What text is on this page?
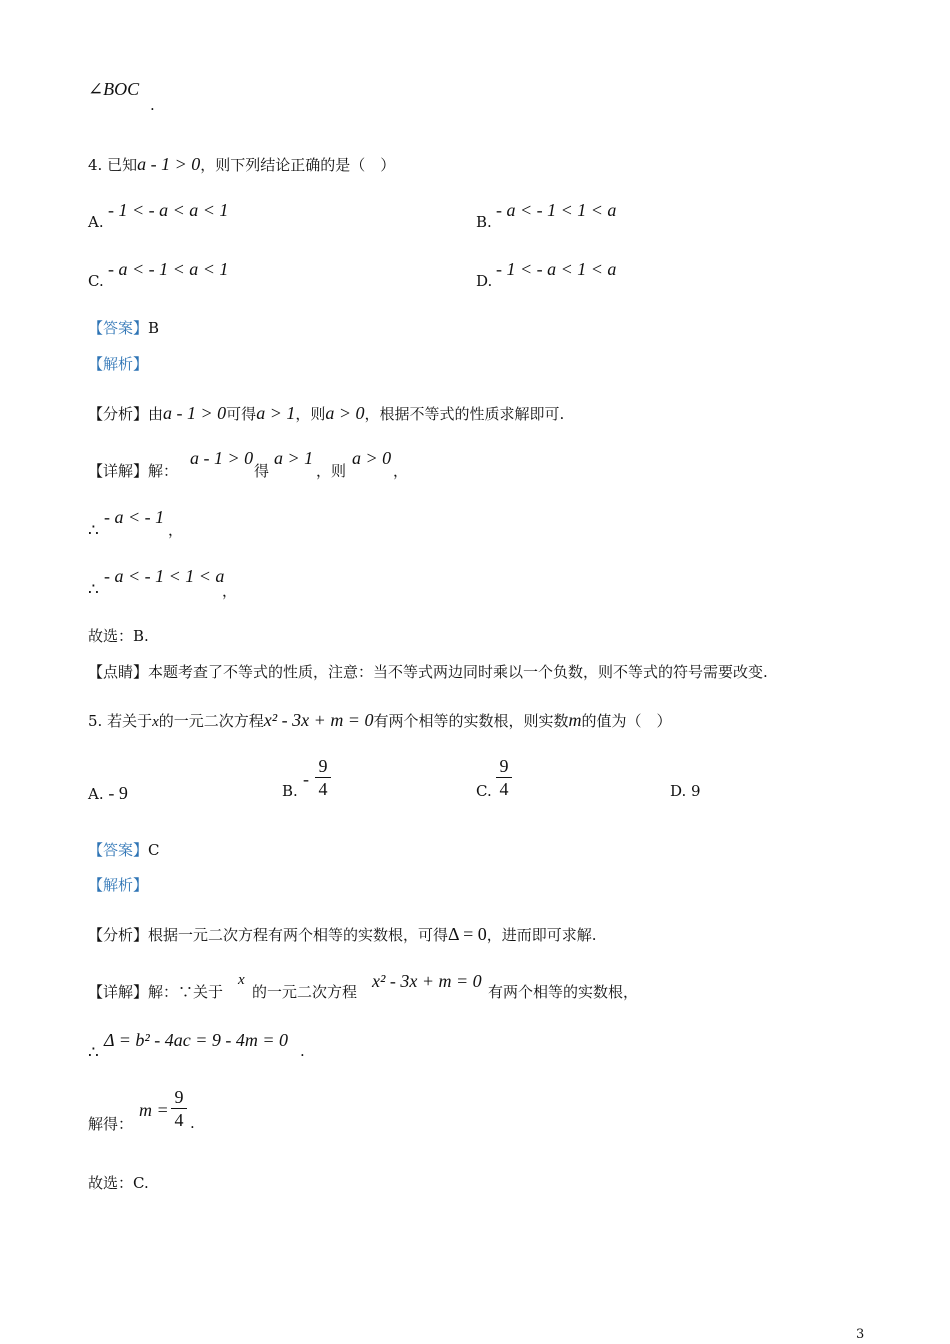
∠BOC
.
4. 已知a - 1 > 0，则下列结论正确的是（　）
A.
- 1 < - a < a < 1
B.
- a < - 1 < 1 < a
C.
- a < - 1 < a < 1
D.
- 1 < - a < 1 < a
【答案】B
【解析】
【分析】由a - 1 > 0可得a > 1，则a > 0，根据不等式的性质求解即可.
【详解】解：
a - 1 > 0
得
a > 1
，则
a > 0
，
∴
- a < - 1
，
∴
- a < - 1 < 1 < a
，
故选：B.
【点睛】本题考查了不等式的性质，注意：当不等式两边同时乘以一个负数，则不等式的符号需要改变.
5. 若关于x的一元二次方程x² - 3x + m = 0有两个相等的实数根，则实数m的值为（　）
A. - 9	B.
-
9
4	C.
9
4	D. 9
【答案】C
【解析】
【分析】根据一元二次方程有两个相等的实数根，可得Δ = 0，进而即可求解.
【详解】解：∵关于
x
的一元二次方程
x² - 3x + m = 0
有两个相等的实数根，
∴
Δ = b² - 4ac = 9 - 4m = 0
.
解得：
m =
9
4 .
故选：C.
3
